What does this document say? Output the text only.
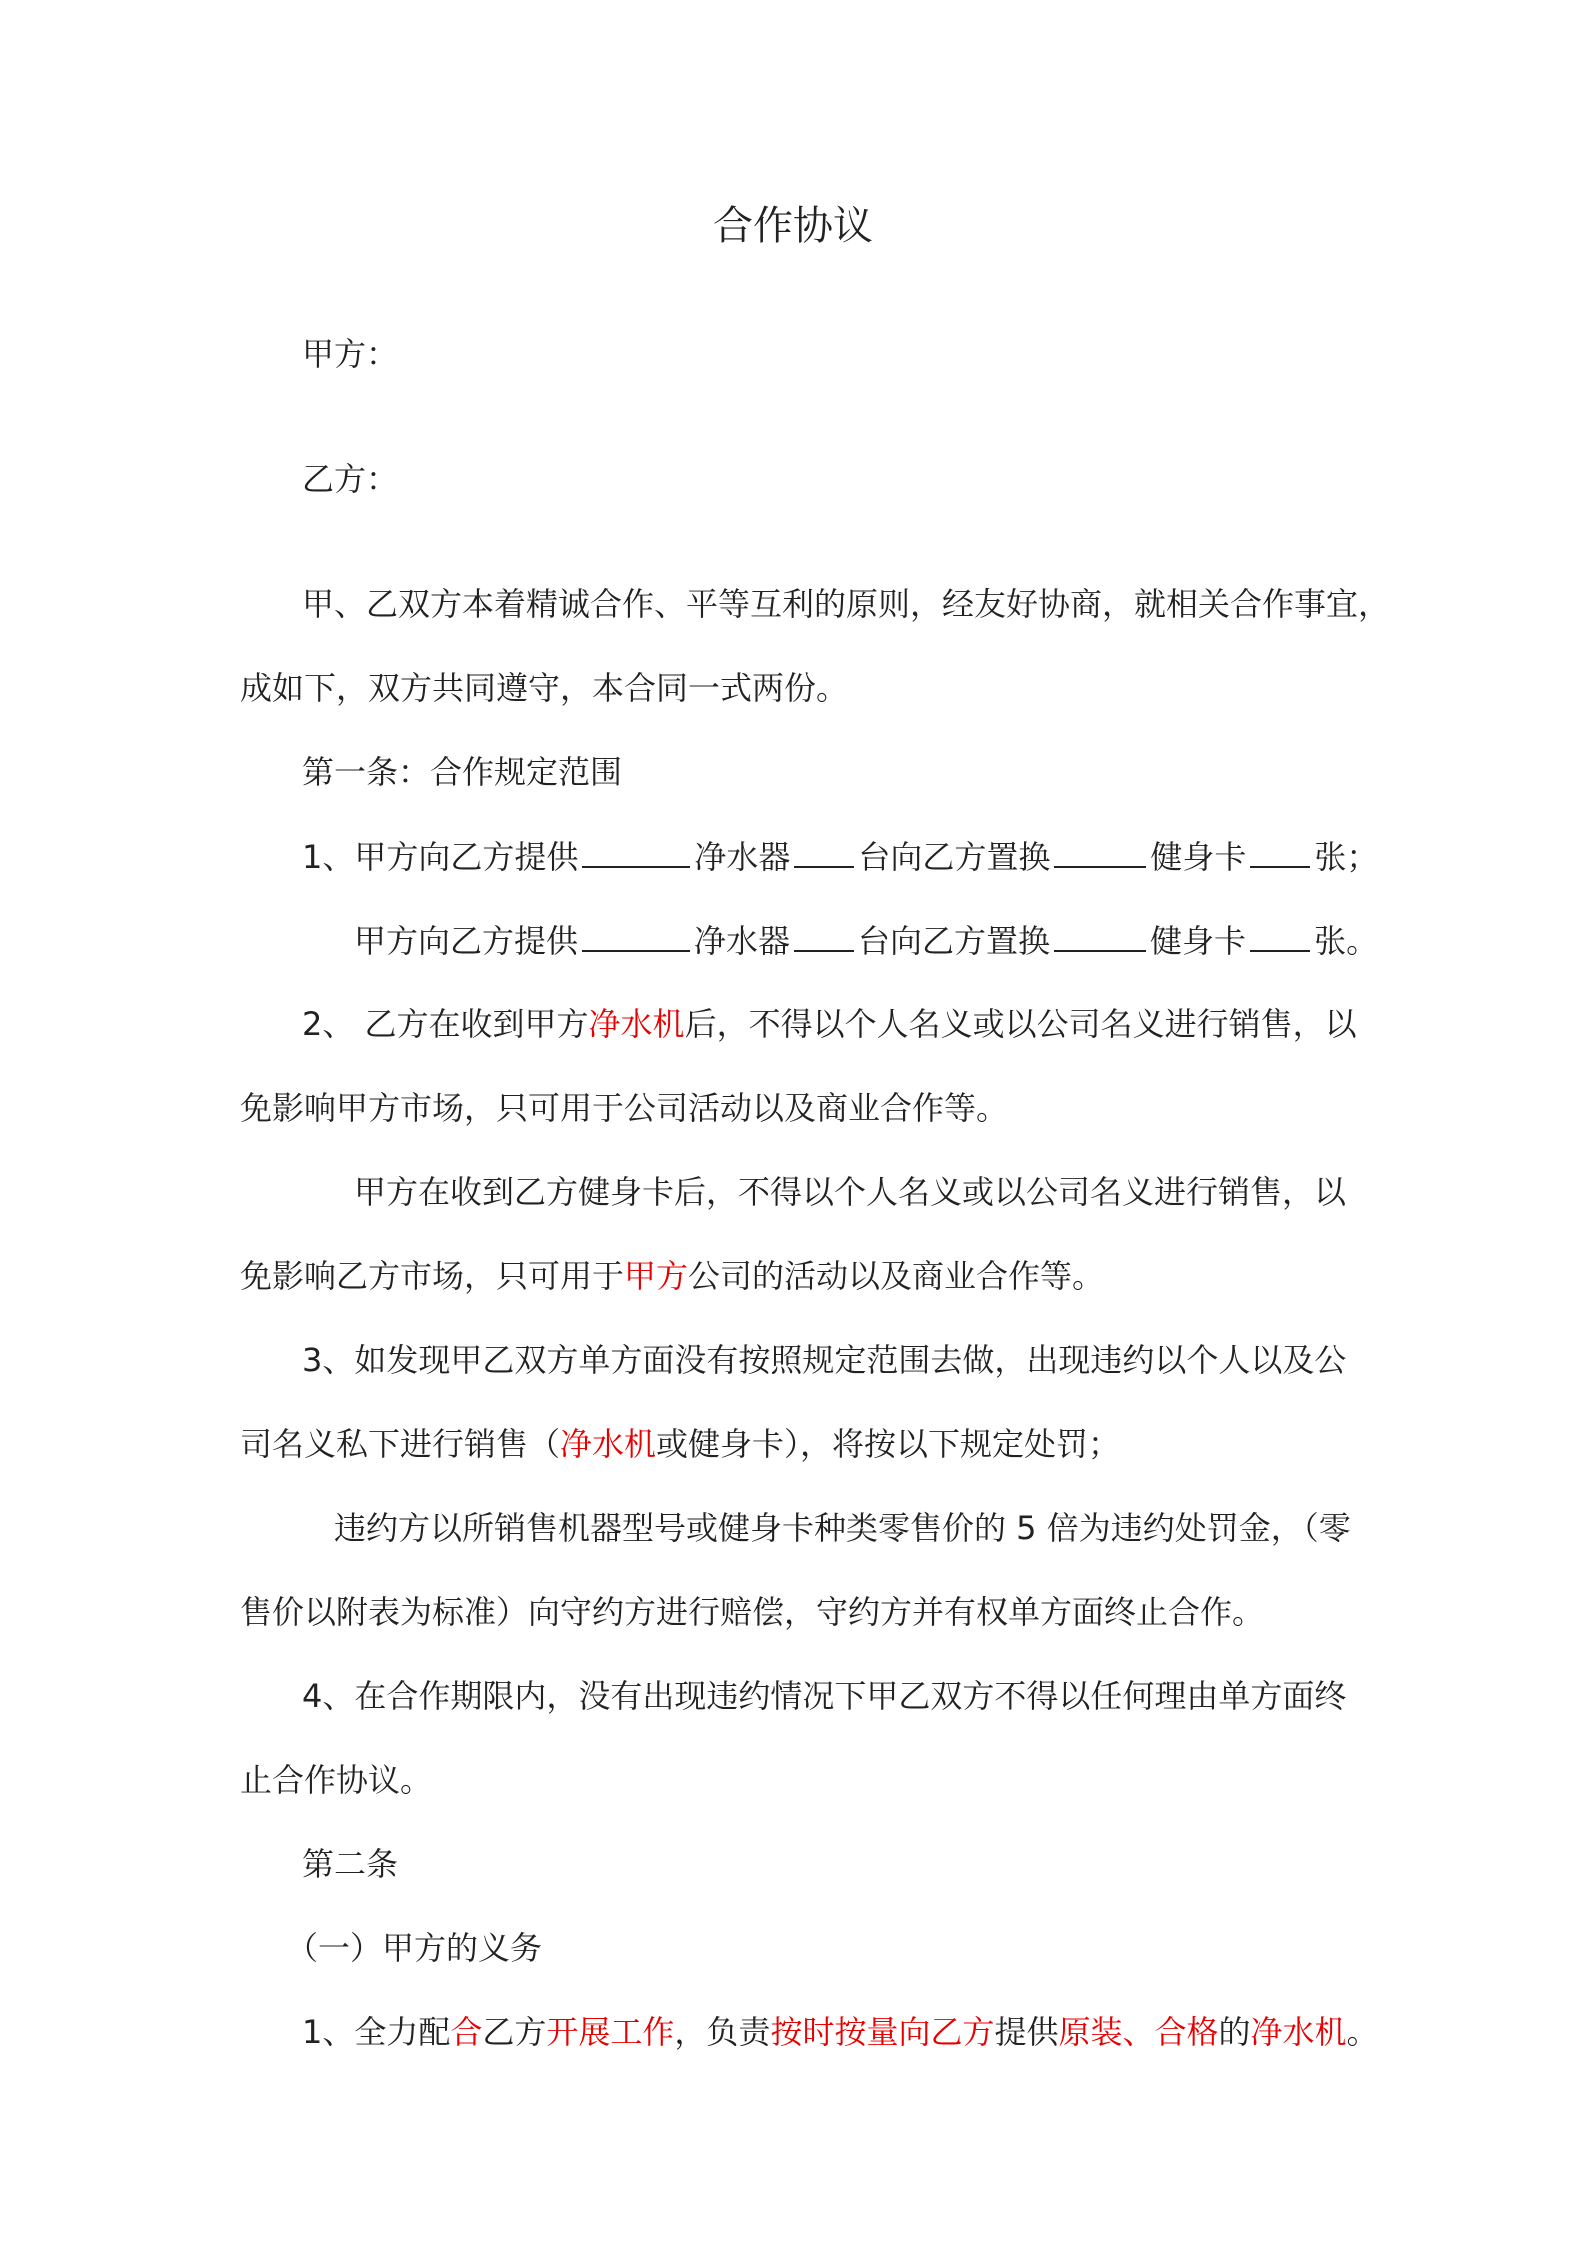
合作协议
甲方：
乙方：
甲、乙双方本着精诚合作、平等互利的原则，经友好协商，就相关合作事宜，
成如下，双方共同遵守，本合同一式两份。
第一条：合作规定范围
1、甲方向乙方提供	净水器 台向乙方置换	健身卡 张；
甲方向乙方提供	净水器 台向乙方置换	健身卡 张。
2、 乙方在收到甲方净水机后，不得以个人名义或以公司名义进行销售，以
免影响甲方市场，只可用于公司活动以及商业合作等。
甲方在收到乙方健身卡后，不得以个人名义或以公司名义进行销售，以
免影响乙方市场，只可用于甲方公司的活动以及商业合作等。
3、如发现甲乙双方单方面没有按照规定范围去做，出现违约以个人以及公
司名义私下进行销售（净水机或健身卡），将按以下规定处罚；
违约方以所销售机器型号或健身卡种类零售价的 5 倍为违约处罚金，（零
售价以附表为标准）向守约方进行赔偿，守约方并有权单方面终止合作。
4、在合作期限内，没有出现违约情况下甲乙双方不得以任何理由单方面终
止合作协议。
第二条
（一）甲方的义务
1、全力配合乙方开展工作，负责按时按量向乙方提供原装、合格的净水机。
